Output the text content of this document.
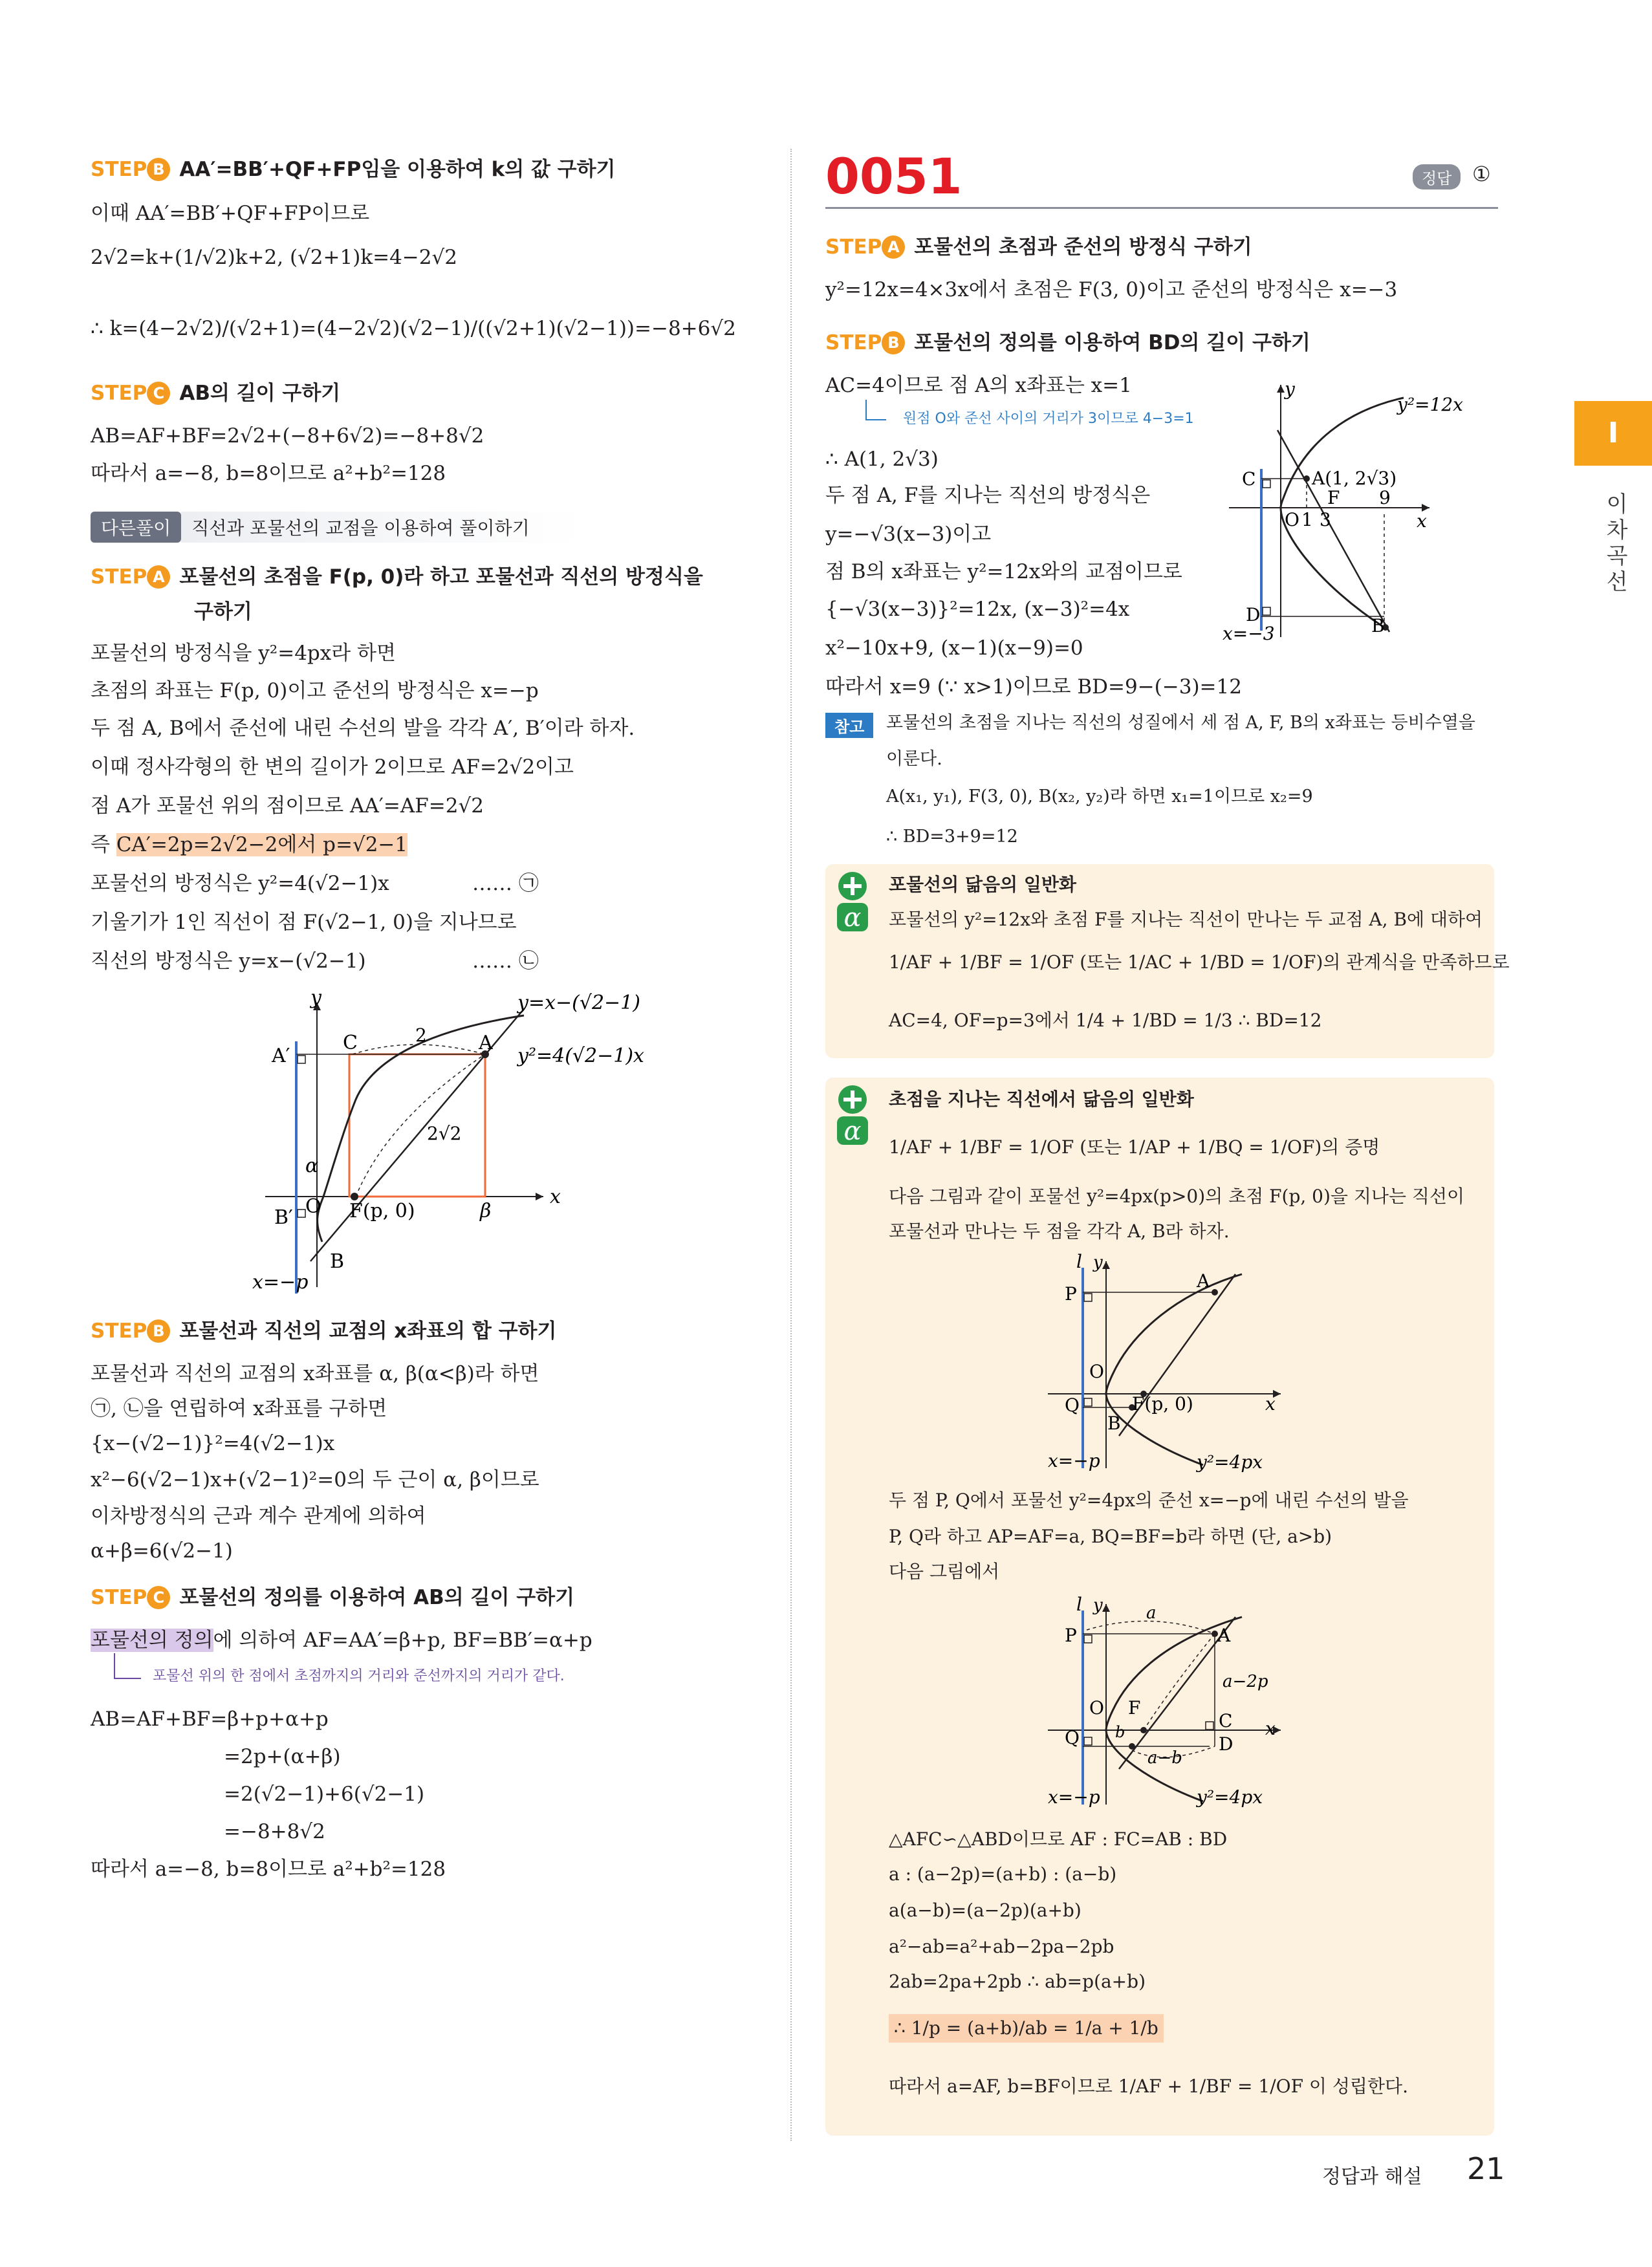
STEP B AA′=BB′+QF+FP임을 이용하여 k의 값 구하기
이때 AA′=BB′+QF+FP이므로
2√2=k+(1/√2)k+2, (√2+1)k=4−2√2
∴ k=(4−2√2)/(√2+1)=(4−2√2)(√2−1)/((√2+1)(√2−1))=−8+6√2
STEP C AB의 길이 구하기
AB=AF+BF=2√2+(−8+6√2)=−8+8√2
따라서 a=−8, b=8이므로 a²+b²=128
다른풀이	직선과 포물선의 교점을 이용하여 풀이하기
STEP A 포물선의 초점을 F(p, 0)라 하고 포물선과 직선의 방정식을
구하기
포물선의 방정식을 y²=4px라 하면
초점의 좌표는 F(p, 0)이고 준선의 방정식은 x=−p
두 점 A, B에서 준선에 내린 수선의 발을 각각 A′, B′이라 하자.
이때 정사각형의 한 변의 길이가 2이므로 AF=2√2이고
점 A가 포물선 위의 점이므로 AA′=AF=2√2
즉 CA′=2p=2√2−2에서 p=√2−1
포물선의 방정식은 y²=4(√2−1)x	…… ㉠
기울기가 1인 직선이 점 F(√2−1, 0)을 지나므로
직선의 방정식은 y=x−(√2−1)	…… ㉡
y
x
y=x−(√2−1)
y²=4(√2−1)x
A′
C	2	A
2√2
α
O
B′	F(p, 0)	β
B
x=−p
STEP B 포물선과 직선의 교점의 x좌표의 합 구하기
포물선과 직선의 교점의 x좌표를 α, β(α<β)라 하면
㉠, ㉡을 연립하여 x좌표를 구하면
{x−(√2−1)}²=4(√2−1)x
x²−6(√2−1)x+(√2−1)²=0의 두 근이 α, β이므로
이차방정식의 근과 계수 관계에 의하여
α+β=6(√2−1)
STEP C 포물선의 정의를 이용하여 AB의 길이 구하기
포물선의 정의에 의하여 AF=AA′=β+p, BF=BB′=α+p
포물선 위의 한 점에서 초점까지의 거리와 준선까지의 거리가 같다.
AB=AF+BF=β+p+α+p
=2p+(α+β)
=2(√2−1)+6(√2−1)
=−8+8√2
따라서 a=−8, b=8이므로 a²+b²=128
0051	정답 ①
STEP A 포물선의 초점과 준선의 방정식 구하기
y²=12x=4×3x에서 초점은 F(3, 0)이고 준선의 방정식은 x=−3
STEP B 포물선의 정의를 이용하여 BD의 길이 구하기
AC=4이므로 점 A의 x좌표는 x=1
원점 O와 준선 사이의 거리가 3이므로 4−3=1
∴ A(1, 2√3)
두 점 A, F를 지나는 직선의 방정식은
y=−√3(x−3)이고
점 B의 x좌표는 y²=12x와의 교점이므로
{−√3(x−3)}²=12x, (x−3)²=4x
x²−10x+9, (x−1)(x−9)=0
따라서 x=9 (∵ x>1)이므로 BD=9−(−3)=12
y
y²=12x
C	A(1, 2√3)
F 9
O 1 3	x
D
B
x=−3
참고	포물선의 초점을 지나는 직선의 성질에서 세 점 A, F, B의 x좌표는 등비수열을
이룬다.
A(x₁, y₁), F(3, 0), B(x₂, y₂)라 하면 x₁=1이므로 x₂=9
∴ BD=3+9=12
α
포물선의 닮음의 일반화
포물선의 y²=12x와 초점 F를 지나는 직선이 만나는 두 교점 A, B에 대하여
1/AF + 1/BF = 1/OF (또는 1/AC + 1/BD = 1/OF)의 관계식을 만족하므로
AC=4, OF=p=3에서 1/4 + 1/BD = 1/3 ∴ BD=12
α
초점을 지나는 직선에서 닮음의 일반화
1/AF + 1/BF = 1/OF (또는 1/AP + 1/BQ = 1/OF)의 증명
다음 그림과 같이 포물선 y²=4px(p>0)의 초점 F(p, 0)을 지나는 직선이
포물선과 만나는 두 점을 각각 A, B라 하자.
l y
P
A
O
Q	F(p, 0)	x
B
x=−p	y²=4px
두 점 P, Q에서 포물선 y²=4px의 준선 x=−p에 내린 수선의 발을
P, Q라 하고 AP=AF=a, BQ=BF=b라 하면 (단, a>b)
다음 그림에서
l y
P
a
A
a−2p
O F
Q b
C
D
a−b
x
x=−p	y²=4px
△AFC∽△ABD이므로 AF : FC=AB : BD
a : (a−2p)=(a+b) : (a−b)
a(a−b)=(a−2p)(a+b)
a²−ab=a²+ab−2pa−2pb
2ab=2pa+2pb ∴ ab=p(a+b)
∴ 1/p = (a+b)/ab = 1/a + 1/b
따라서 a=AF, b=BF이므로 1/AF + 1/BF = 1/OF 이 성립한다.
I
이차곡선
정답과 해설 21
